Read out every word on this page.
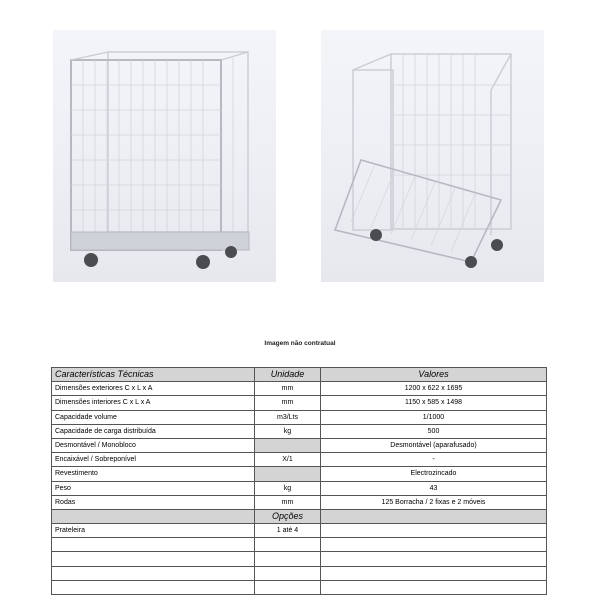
Imagem não contratual
Características Técnicas	Unidade	Valores
Dimensões exteriores C x L x A	mm	1200 x 622 x 1695
Dimensões interiores C x L x A	mm	1150 x 585 x 1498
Capacidade volume	m3/Lts	1/1000
Capacidade de carga distribuída	kg	500
Desmontável / Monobloco		Desmontável (aparafusado)
Encaixável / Sobreponível	X/1	-
Revestimento		Electrozincado
Peso	kg	43
Rodas	mm	125 Borracha / 2 fixas e 2 móveis
	Opções	
Prateleira	1 até 4	
